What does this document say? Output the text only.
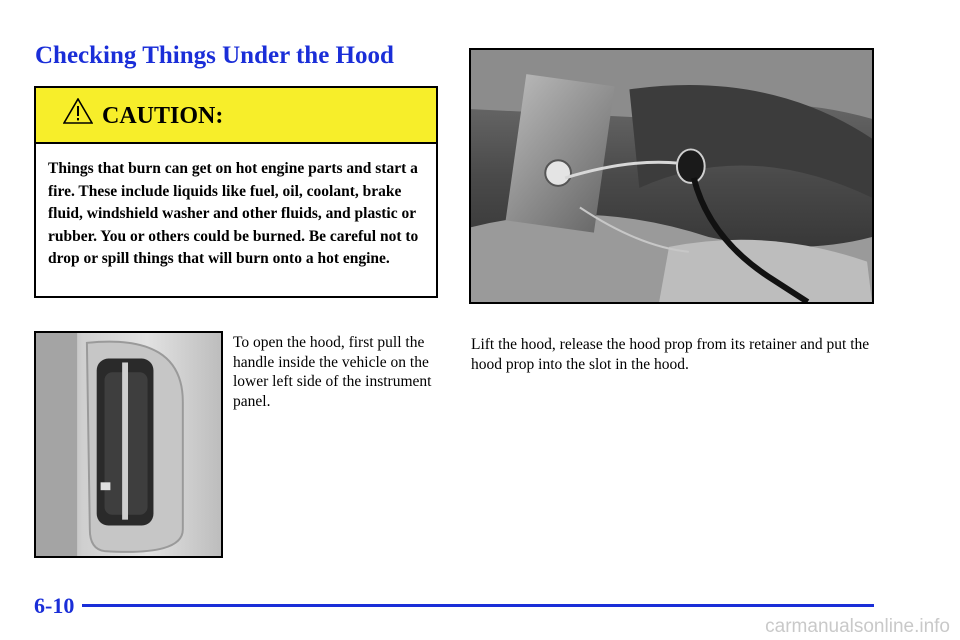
Checking Things Under the Hood
CAUTION:
Things that burn can get on hot engine parts and start a fire. These include liquids like fuel, oil, coolant, brake fluid, windshield washer and other fluids, and plastic or rubber. You or others could be burned. Be careful not to drop or spill things that will burn onto a hot engine.
To open the hood, first pull the handle inside the vehicle on the lower left side of the instrument panel.
Lift the hood, release the hood prop from its retainer and put the hood prop into the slot in the hood.
6-10
carmanualsonline.info
